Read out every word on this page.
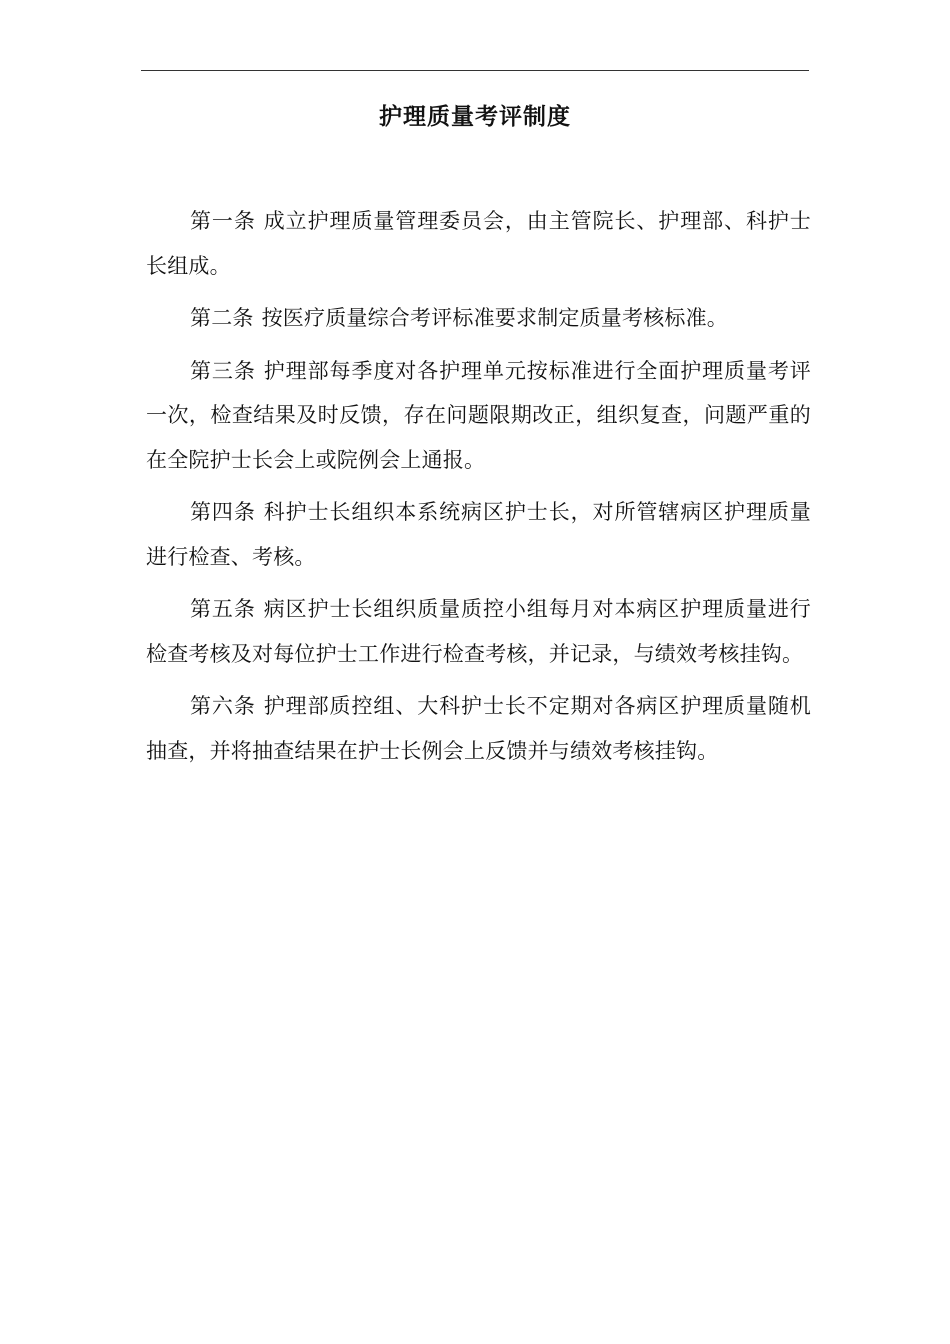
护理质量考评制度

第一条 成立护理质量管理委员会，由主管院长、护理部、科护士长组成。

第二条 按医疗质量综合考评标准要求制定质量考核标准。

第三条 护理部每季度对各护理单元按标准进行全面护理质量考评一次，检查结果及时反馈，存在问题限期改正，组织复查，问题严重的在全院护士长会上或院例会上通报。

第四条 科护士长组织本系统病区护士长，对所管辖病区护理质量进行检查、考核。

第五条 病区护士长组织质量质控小组每月对本病区护理质量进行检查考核及对每位护士工作进行检查考核，并记录，与绩效考核挂钩。

第六条 护理部质控组、大科护士长不定期对各病区护理质量随机抽查，并将抽查结果在护士长例会上反馈并与绩效考核挂钩。
